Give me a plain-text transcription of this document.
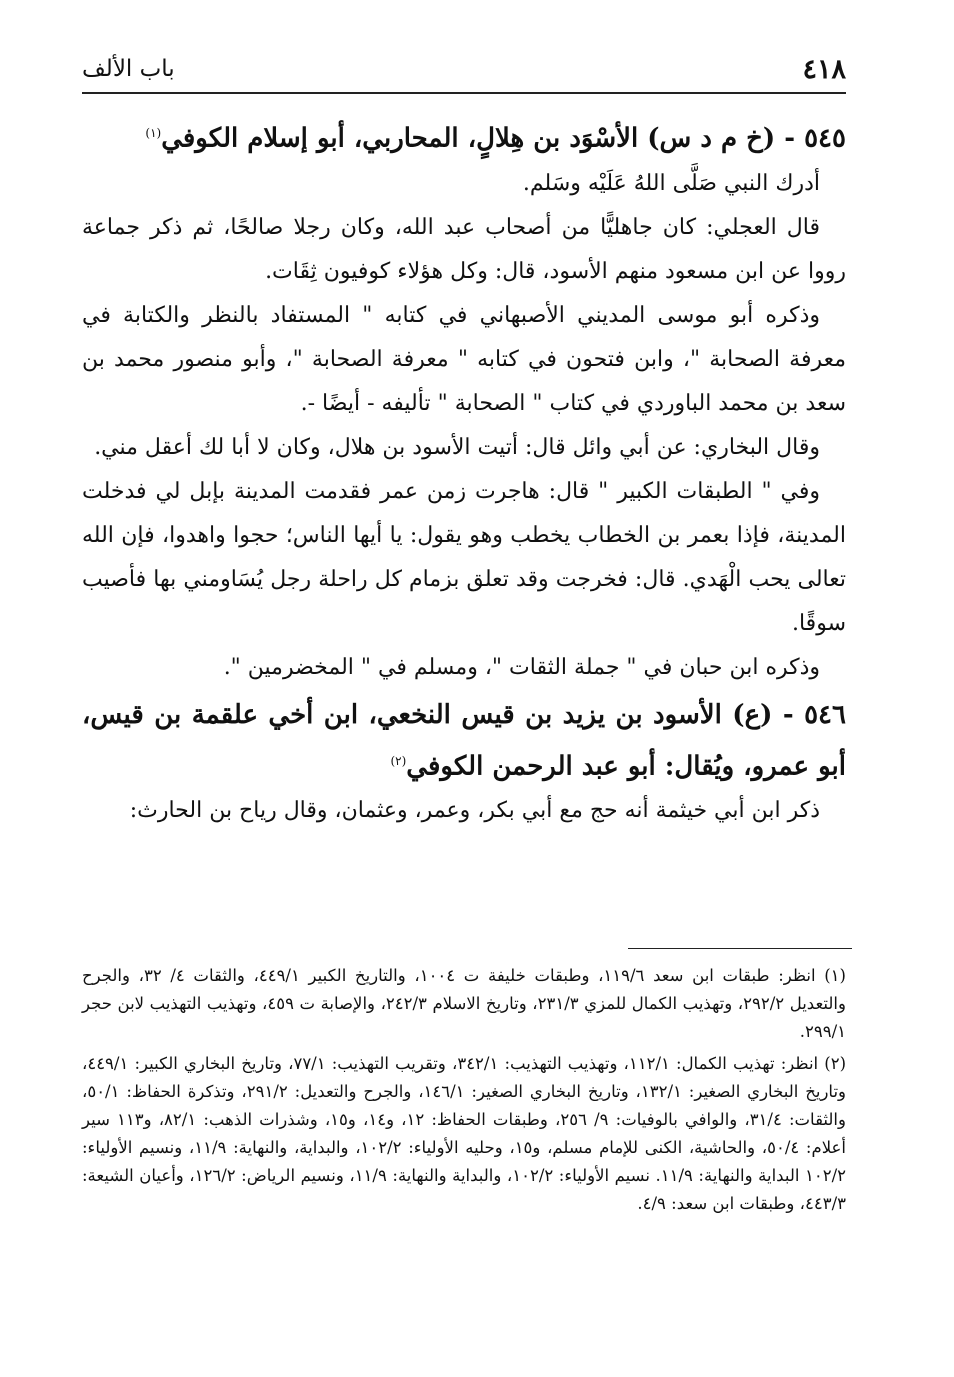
٤١٨
باب الألف

٥٤٥ - (خ م د س) الأسْوَد بن هِلالٍ، المحاربي، أبو إسلام الكوفي$^{(١)}$

أدرك النبي صَلَّى اللهُ عَلَيْه وسَلم.

قال العجلي: كان جاهليًّا من أصحاب عبد الله، وكان رجلا صالحًا، ثم ذكر جماعة رووا عن ابن مسعود منهم الأسود، قال: وكل هؤلاء كوفيون ثِقَات.

وذكره أبو موسى المديني الأصبهاني في كتابه " المستفاد بالنظر والكتابة في معرفة الصحابة "، وابن فتحون في كتابه " معرفة الصحابة "، وأبو منصور محمد بن سعد بن محمد الباوردي في كتاب " الصحابة " تأليفه - أيضًا -.

وقال البخاري: عن أبي وائل قال: أتيت الأسود بن هلال، وكان لا أبا لك أعقل مني.

وفي " الطبقات الكبير " قال: هاجرت زمن عمر فقدمت المدينة بإبل لي فدخلت المدينة، فإذا بعمر بن الخطاب يخطب وهو يقول: يا أيها الناس؛ حجوا واهدوا، فإن الله تعالى يحب الْهَدي. قال: فخرجت وقد تعلق بزمام كل راحلة رجل يُسَاومني بها فأصيب سوقًا.

وذكره ابن حبان في " جملة الثقات "، ومسلم في " المخضرمين ".

٥٤٦ - (ع) الأسود بن يزيد بن قيس النخعي، ابن أخي علقمة بن قيس، أبو عمرو، ويُقال: أبو عبد الرحمن الكوفي$^{(٢)}$

ذكر ابن أبي خيثمة أنه حج مع أبي بكر، وعمر، وعثمان، وقال رياح بن الحارث:

(١) انظر: طبقات ابن سعد ١١٩/٦، وطبقات خليفة ت ١٠٠٤، والتاريخ الكبير ٤٤٩/١، والثقات ٤/ ٣٢، والجرح والتعديل ٢٩٢/٢، وتهذيب الكمال للمزي ٢٣١/٣، وتاريخ الاسلام ٢٤٢/٣، والإصابة ت ٤٥٩، وتهذيب التهذيب لابن حجر ٢٩٩/١.

(٢) انظر: تهذيب الكمال: ١١٢/١، وتهذيب التهذيب: ٣٤٢/١، وتقريب التهذيب: ٧٧/١، وتاريخ البخاري الكبير: ٤٤٩/١، وتاريخ البخاري الصغير: ١٣٢/١، وتاريخ البخاري الصغير: ١٤٦/١، والجرح والتعديل: ٢٩١/٢، وتذكرة الحفاظ: ٥٠/١، والثقات: ٣١/٤، والوافي بالوفيات: ٩/ ٢٥٦، وطبقات الحفاظ: ١٢، و١٤، و١٥، وشذرات الذهب: ٨٢/١، و١١٣ سير أعلام: ٥٠/٤، والحاشية، الكنى للإمام مسلم، و١٥، وحليه الأولياء: ١٠٢/٢، والبداية، والنهاية: ١١/٩، ونسيم الأولياء: ١٠٢/٢ البداية والنهاية: ١١/٩. نسيم الأولياء: ١٠٢/٢، والبداية والنهاية: ١١/٩، ونسيم الرياض: ١٢٦/٢، وأعيان الشيعة: ٤٤٣/٣، وطبقات ابن سعد: ٤/٩.
